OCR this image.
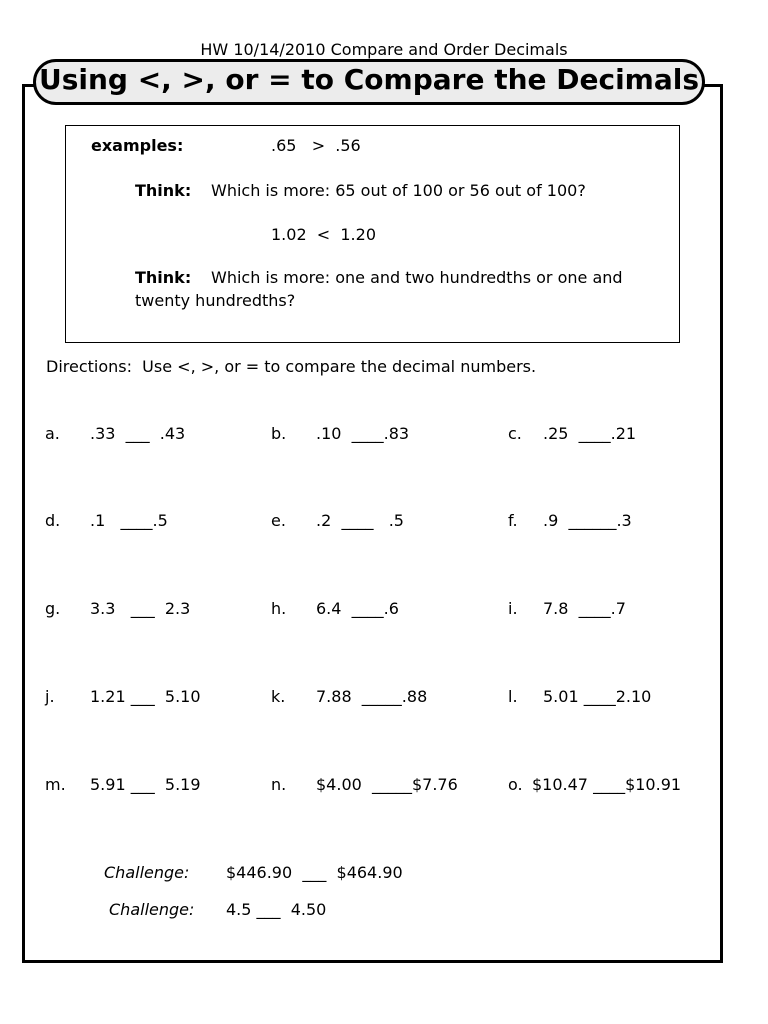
HW 10/14/2010 Compare and Order Decimals
Using <, >, or = to Compare the Decimals
examples:	.65   >  .56
Think: Which is more: 65 out of 100 or 56 out of 100?
1.02  <  1.20
Think: Which is more: one and two hundredths or one and
twenty hundredths?
Directions:  Use <, >, or = to compare the decimal numbers.
a. .33  ___  .43	b. .10  ____.83	c. .25  ____.21
d. .1   ____.5	e. .2  ____   .5	f. .9  ______.3
g. 3.3   ___  2.3	h. 6.4  ____.6	i. 7.8  ____.7
j. 1.21 ___  5.10	k. 7.88  _____.88	l. 5.01 ____2.10
m. 5.91 ___  5.19	n. $4.00  _____$7.76	o. $10.47 ____$10.91
Challenge: $446.90  ___  $464.90
Challenge: 4.5 ___  4.50
